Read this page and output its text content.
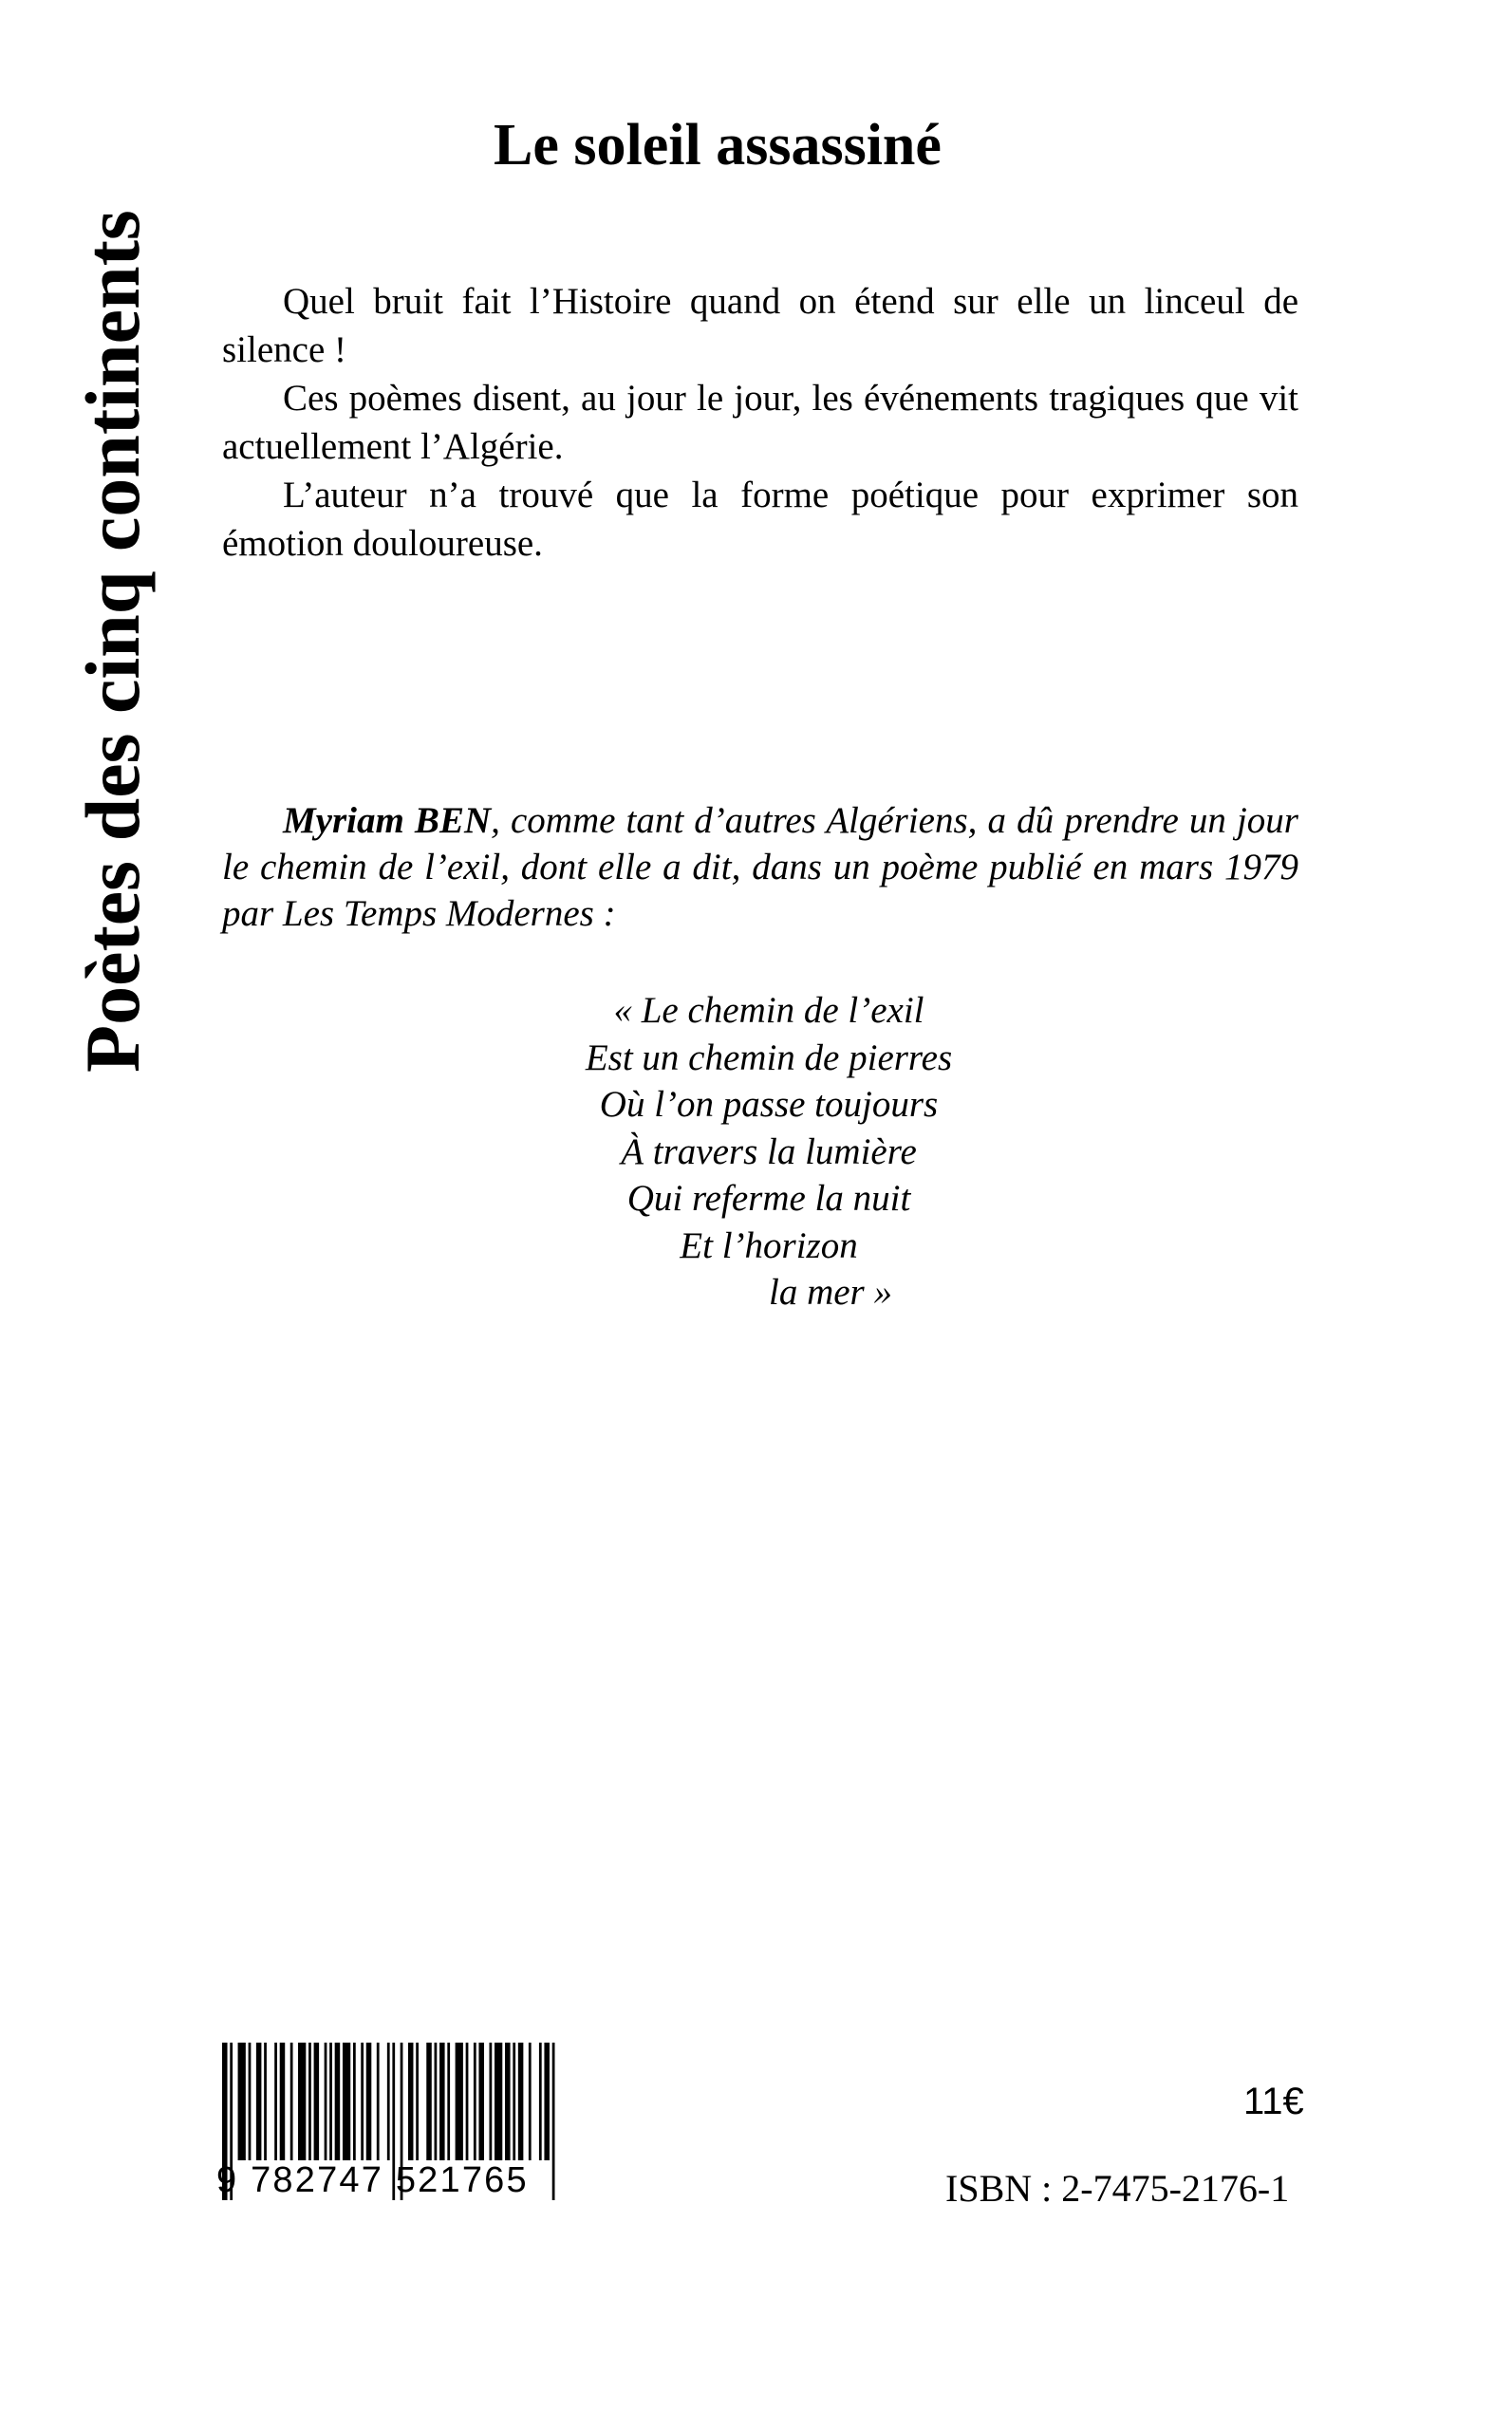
Poètes des cinq continents
Le soleil assassiné

Quel bruit fait l’Histoire quand on étend sur elle un linceul de silence !

Ces poèmes disent, au jour le jour, les événements tragiques que vit actuellement l’Algérie.

L’auteur n’a trouvé que la forme poétique pour exprimer son émotion douloureuse.

Myriam BEN, comme tant d’autres Algériens, a dû prendre un jour le chemin de l’exil, dont elle a dit, dans un poème publié en mars 1979 par Les Temps Modernes :
« Le chemin de l’exil
Est un chemin de pierres
Où l’on passe toujours
À travers la lumière
Qui referme la nuit
Et l’horizon
la mer »
9 782747 521765
11€
ISBN : 2-7475-2176-1
